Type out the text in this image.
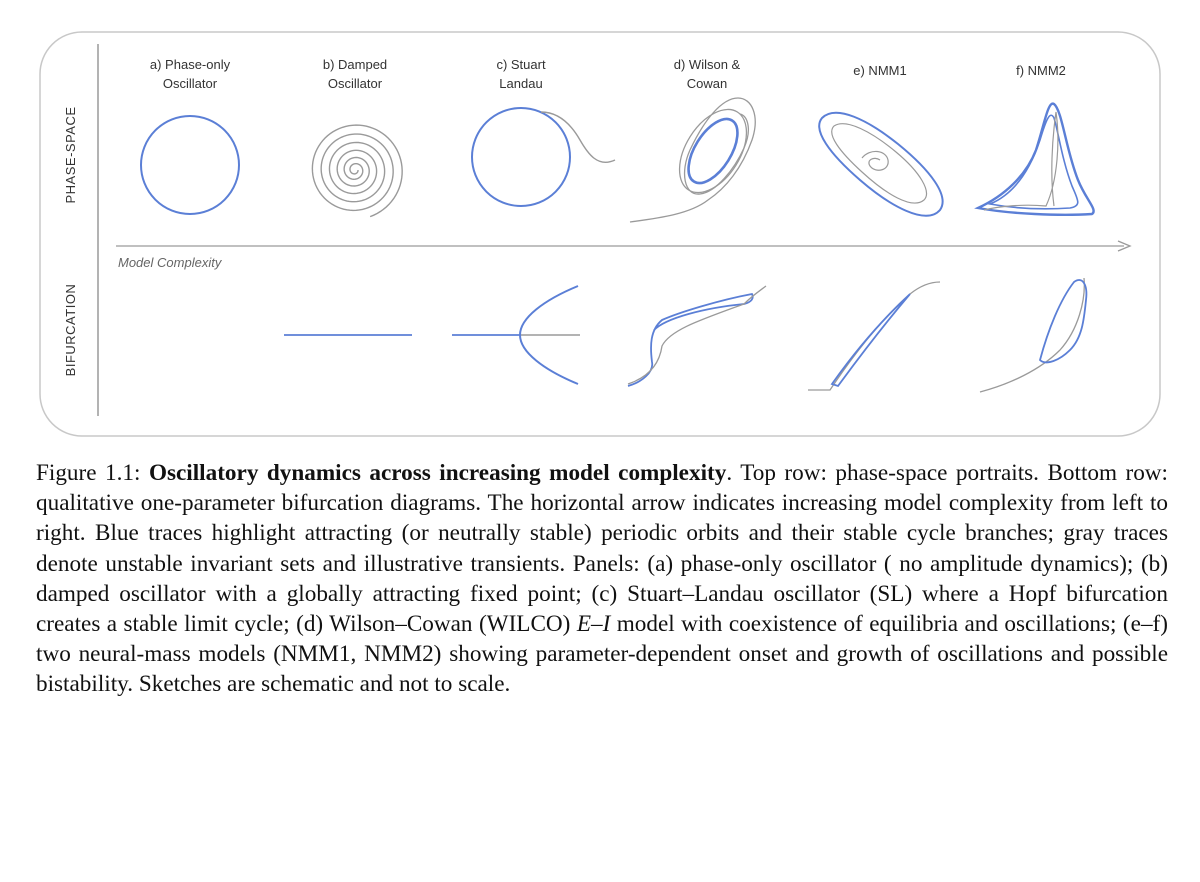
PHASE-SPACE
BIFURCATION
Model Complexity
a) Phase-only
Oscillator
b) Damped
Oscillator
c) Stuart
Landau
d) Wilson &
Cowan
e) NMM1	f) NMM2

Figure 1.1: Oscillatory dynamics across increasing model complexity. Top row: phase-space portraits. Bottom row: qualitative one-parameter bifurcation diagrams. The horizontal arrow indicates increasing model complexity from left to right. Blue traces highlight attracting (or neutrally stable) periodic orbits and their stable cycle branches; gray traces denote unstable invariant sets and illustrative transients. Panels: (a) phase-only oscillator ( no amplitude dynamics); (b) damped oscillator with a globally attracting fixed point; (c) Stuart–Landau oscillator (SL) where a Hopf bifurcation creates a stable limit cycle; (d) Wilson–Cowan (WILCO) E–I model with coexistence of equilibria and oscillations; (e–f) two neural-mass models (NMM1, NMM2) showing parameter-dependent onset and growth of oscillations and possible bistability. Sketches are schematic and not to scale.
